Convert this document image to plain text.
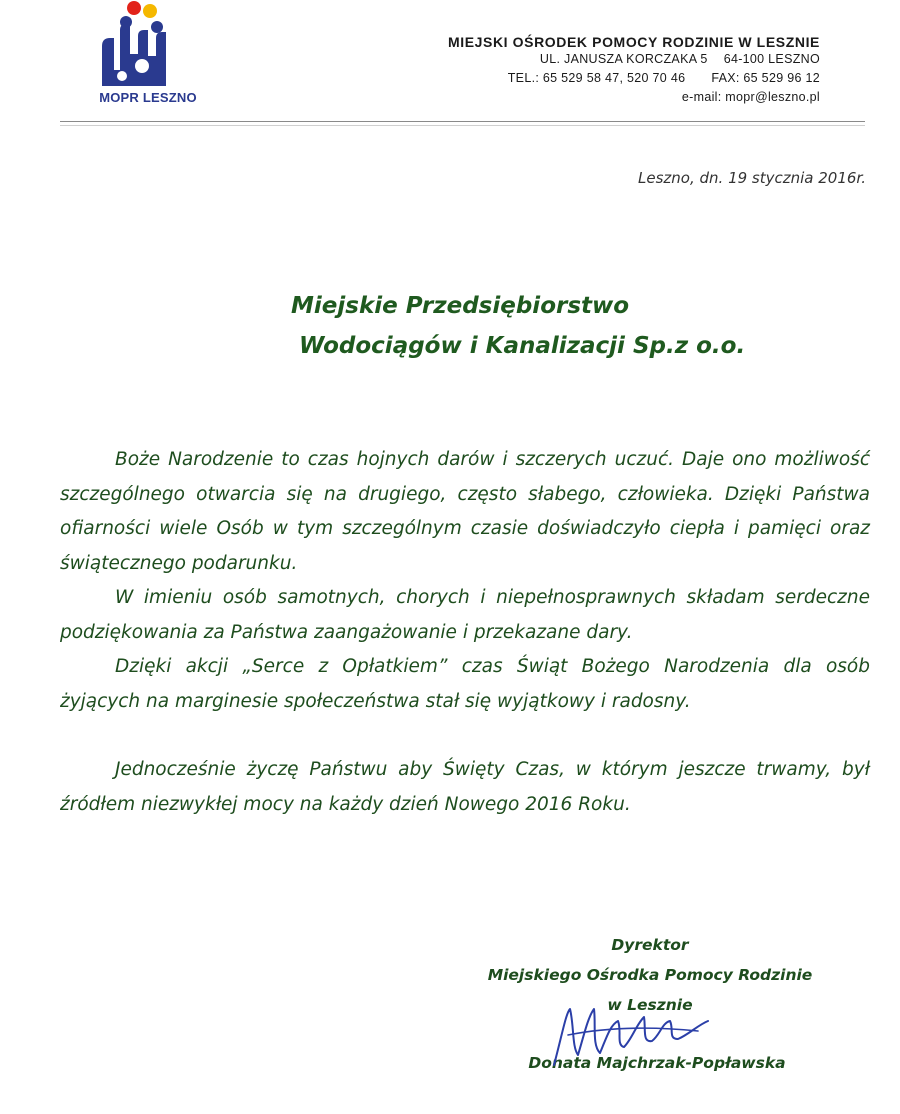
MOPR LESZNO
MIEJSKI OŚRODEK POMOCY RODZINIE W LESZNIE
UL. JANUSZA KORCZAKA 5 64-100 LESZNO
TEL.: 65 529 58 47, 520 70 46 FAX: 65 529 96 12
e-mail: mopr@leszno.pl
Leszno, dn. 19 stycznia 2016r.
Miejskie Przedsiębiorstwo
Wodociągów i Kanalizacji Sp.z o.o.

Boże Narodzenie to czas hojnych darów i szczerych uczuć. Daje ono możliwość szczególnego otwarcia się na drugiego, często słabego, człowieka. Dzięki Państwa ofiarności wiele Osób w tym szczególnym czasie doświadczyło ciepła i pamięci oraz świątecznego podarunku.

W imieniu osób samotnych, chorych i niepełnosprawnych składam serdeczne podziękowania za Państwa zaangażowanie i przekazane dary.

Dzięki akcji „Serce z Opłatkiem” czas Świąt Bożego Narodzenia dla osób żyjących na marginesie społeczeństwa stał się wyjątkowy i radosny.

Jednocześnie życzę Państwu aby Święty Czas, w którym jeszcze trwamy, był źródłem niezwykłej mocy na każdy dzień Nowego 2016 Roku.

Dyrektor
Miejskiego Ośrodka Pomocy Rodzinie
w Lesznie
Donata Majchrzak-Popławska
